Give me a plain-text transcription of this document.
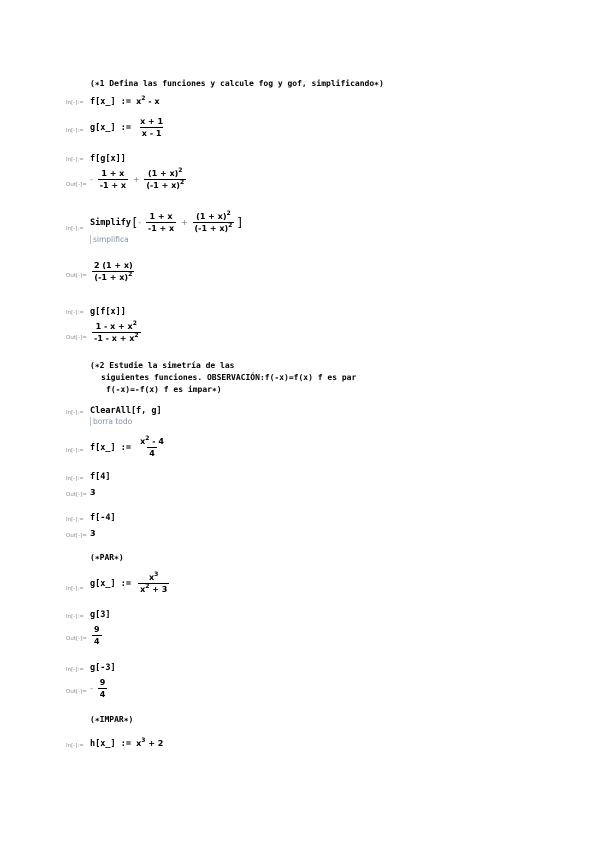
(∗1 Defina las funciones y calcule fog y gof, simplificando∗)
In[-]:= f[x_] := $x^2$ - x
In[-]:= g[x_] := $\frac{x + 1}{x - 1}$
In[-]:= f[g[x]]
Out[-]=
- $\frac{1 + x}{-1 + x} + \frac{(1 + x)^2}{(-1 + x)^2}$
In[-]:=
Simplify[- $\frac{1 + x}{-1 + x} + \frac{(1 + x)^2}{(-1 + x)^2}$ ]
simplifica
$Out[-]= \frac{2 (1 + x)}{(-1 + x)^2}$
In[-]:= g[f[x]]
$Out[-]= \frac{1 - x + x^2}{-1 - x + x^2}$
(∗2 Estudie la simetría de las
siguientes funciones. OBSERVACIÓN:f(-x)=f(x) f es par
f(-x)=-f(x) f es impar∗)
In[-]:= ClearAll[f, g]
borra todo
In[-]:= f[x_] := $\frac{x^2 - 4}{4}$
In[-]:= f[4]
Out[-]= 3
In[-]:= f[-4]
Out[-]= 3
(∗PAR∗)
In[-]:= g[x_] := $\frac{x^3}{x^2 + 3}$
In[-]:= g[3]
$Out[-]= \frac{9}{4}$
In[-]:= g[-3]
$Out[-]= - \frac{9}{4}$
(∗IMPAR∗)
In[-]:= h[x_] := $x^3 + 2$
